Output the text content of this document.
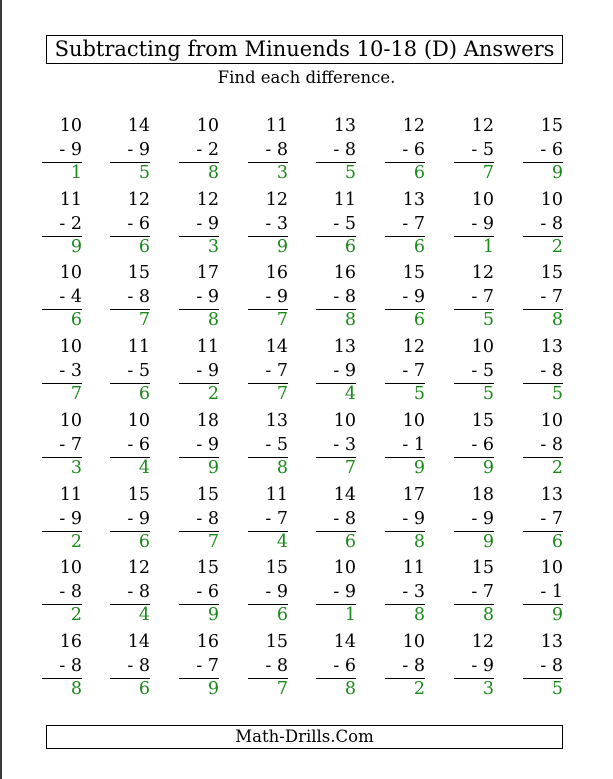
Subtracting from Minuends 10-18 (D) Answers
Find each difference.
10
- 9
1
14
- 9
5
10
- 2
8
11
- 8
3
13
- 8
5
12
- 6
6
12
- 5
7
15
- 6
9
11
- 2
9
12
- 6
6
12
- 9
3
12
- 3
9
11
- 5
6
13
- 7
6
10
- 9
1
10
- 8
2
10
- 4
6
15
- 8
7
17
- 9
8
16
- 9
7
16
- 8
8
15
- 9
6
12
- 7
5
15
- 7
8
10
- 3
7
11
- 5
6
11
- 9
2
14
- 7
7
13
- 9
4
12
- 7
5
10
- 5
5
13
- 8
5
10
- 7
3
10
- 6
4
18
- 9
9
13
- 5
8
10
- 3
7
10
- 1
9
15
- 6
9
10
- 8
2
11
- 9
2
15
- 9
6
15
- 8
7
11
- 7
4
14
- 8
6
17
- 9
8
18
- 9
9
13
- 7
6
10
- 8
2
12
- 8
4
15
- 6
9
15
- 9
6
10
- 9
1
11
- 3
8
15
- 7
8
10
- 1
9
16
- 8
8
14
- 8
6
16
- 7
9
15
- 8
7
14
- 6
8
10
- 8
2
12
- 9
3
13
- 8
5
Math-Drills.Com
